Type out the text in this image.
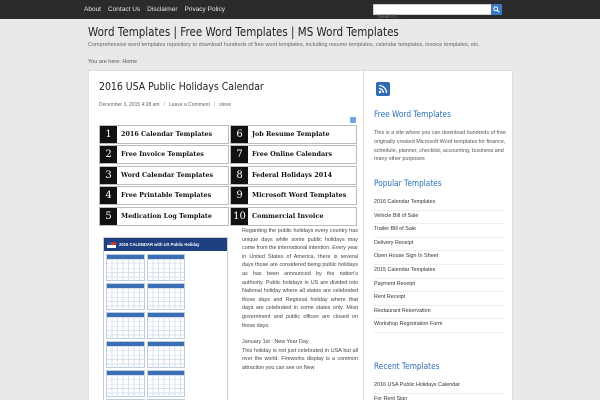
About Contact Us Disclaimer Privacy Policy
Search...
Word Templates | Free Word Templates | MS Word Templates
Comprehensive word templates repository to download hundreds of free word templates, including resume templates, calendar templates, invoice templates, etc.
You are here: Home
2016 USA Public Holidays Calendar
December 3, 2015 4:28 am / Leave a Comment / steve
1	2016 Calendar Templates	6	Job Resume Template
2	Free Invoice Templates	7	Free Online Calendars
3	Word Calendar Templates	8	Federal Holidays 2014
4	Free Printable Templates	9	Microsoft Word Templates
5	Medication Log Template 10 Commercial Invoice
2016 CALENDAR with US Public Holiday

Regarding the public holidays every country has unique days while some public holidays may come from the international intention. Every year in United States of America, there is several days those are considered being public holidays as has been announced by the nation's authority. Public holidays in US are divided into National holiday where all states are celebrated those days and Regional holiday where that days are celebrated in some states only. Most government and public offices are closed on those days.

January 1st : New Year Day

This holiday is not just celebrated in USA but all over the world. Fireworks display is a common attraction you can see on New

Free Word Templates
This is a site where you can download hundreds of free originally created Microsoft Word templates for finance, schedule, planner, checklist, accounting, business and many other purposes
Popular Templates
2016 Calendar Templates
Vehicle Bill of Sale
Trailer Bill of Sale
Delivery Receipt
Open House Sign In Sheet
2015 Calendar Templates
Payment Receipt
Rent Receipt
Restaurant Reservation
Workshop Registration Form
Recent Templates
2016 USA Public Holidays Calendar
For Rent Sign
